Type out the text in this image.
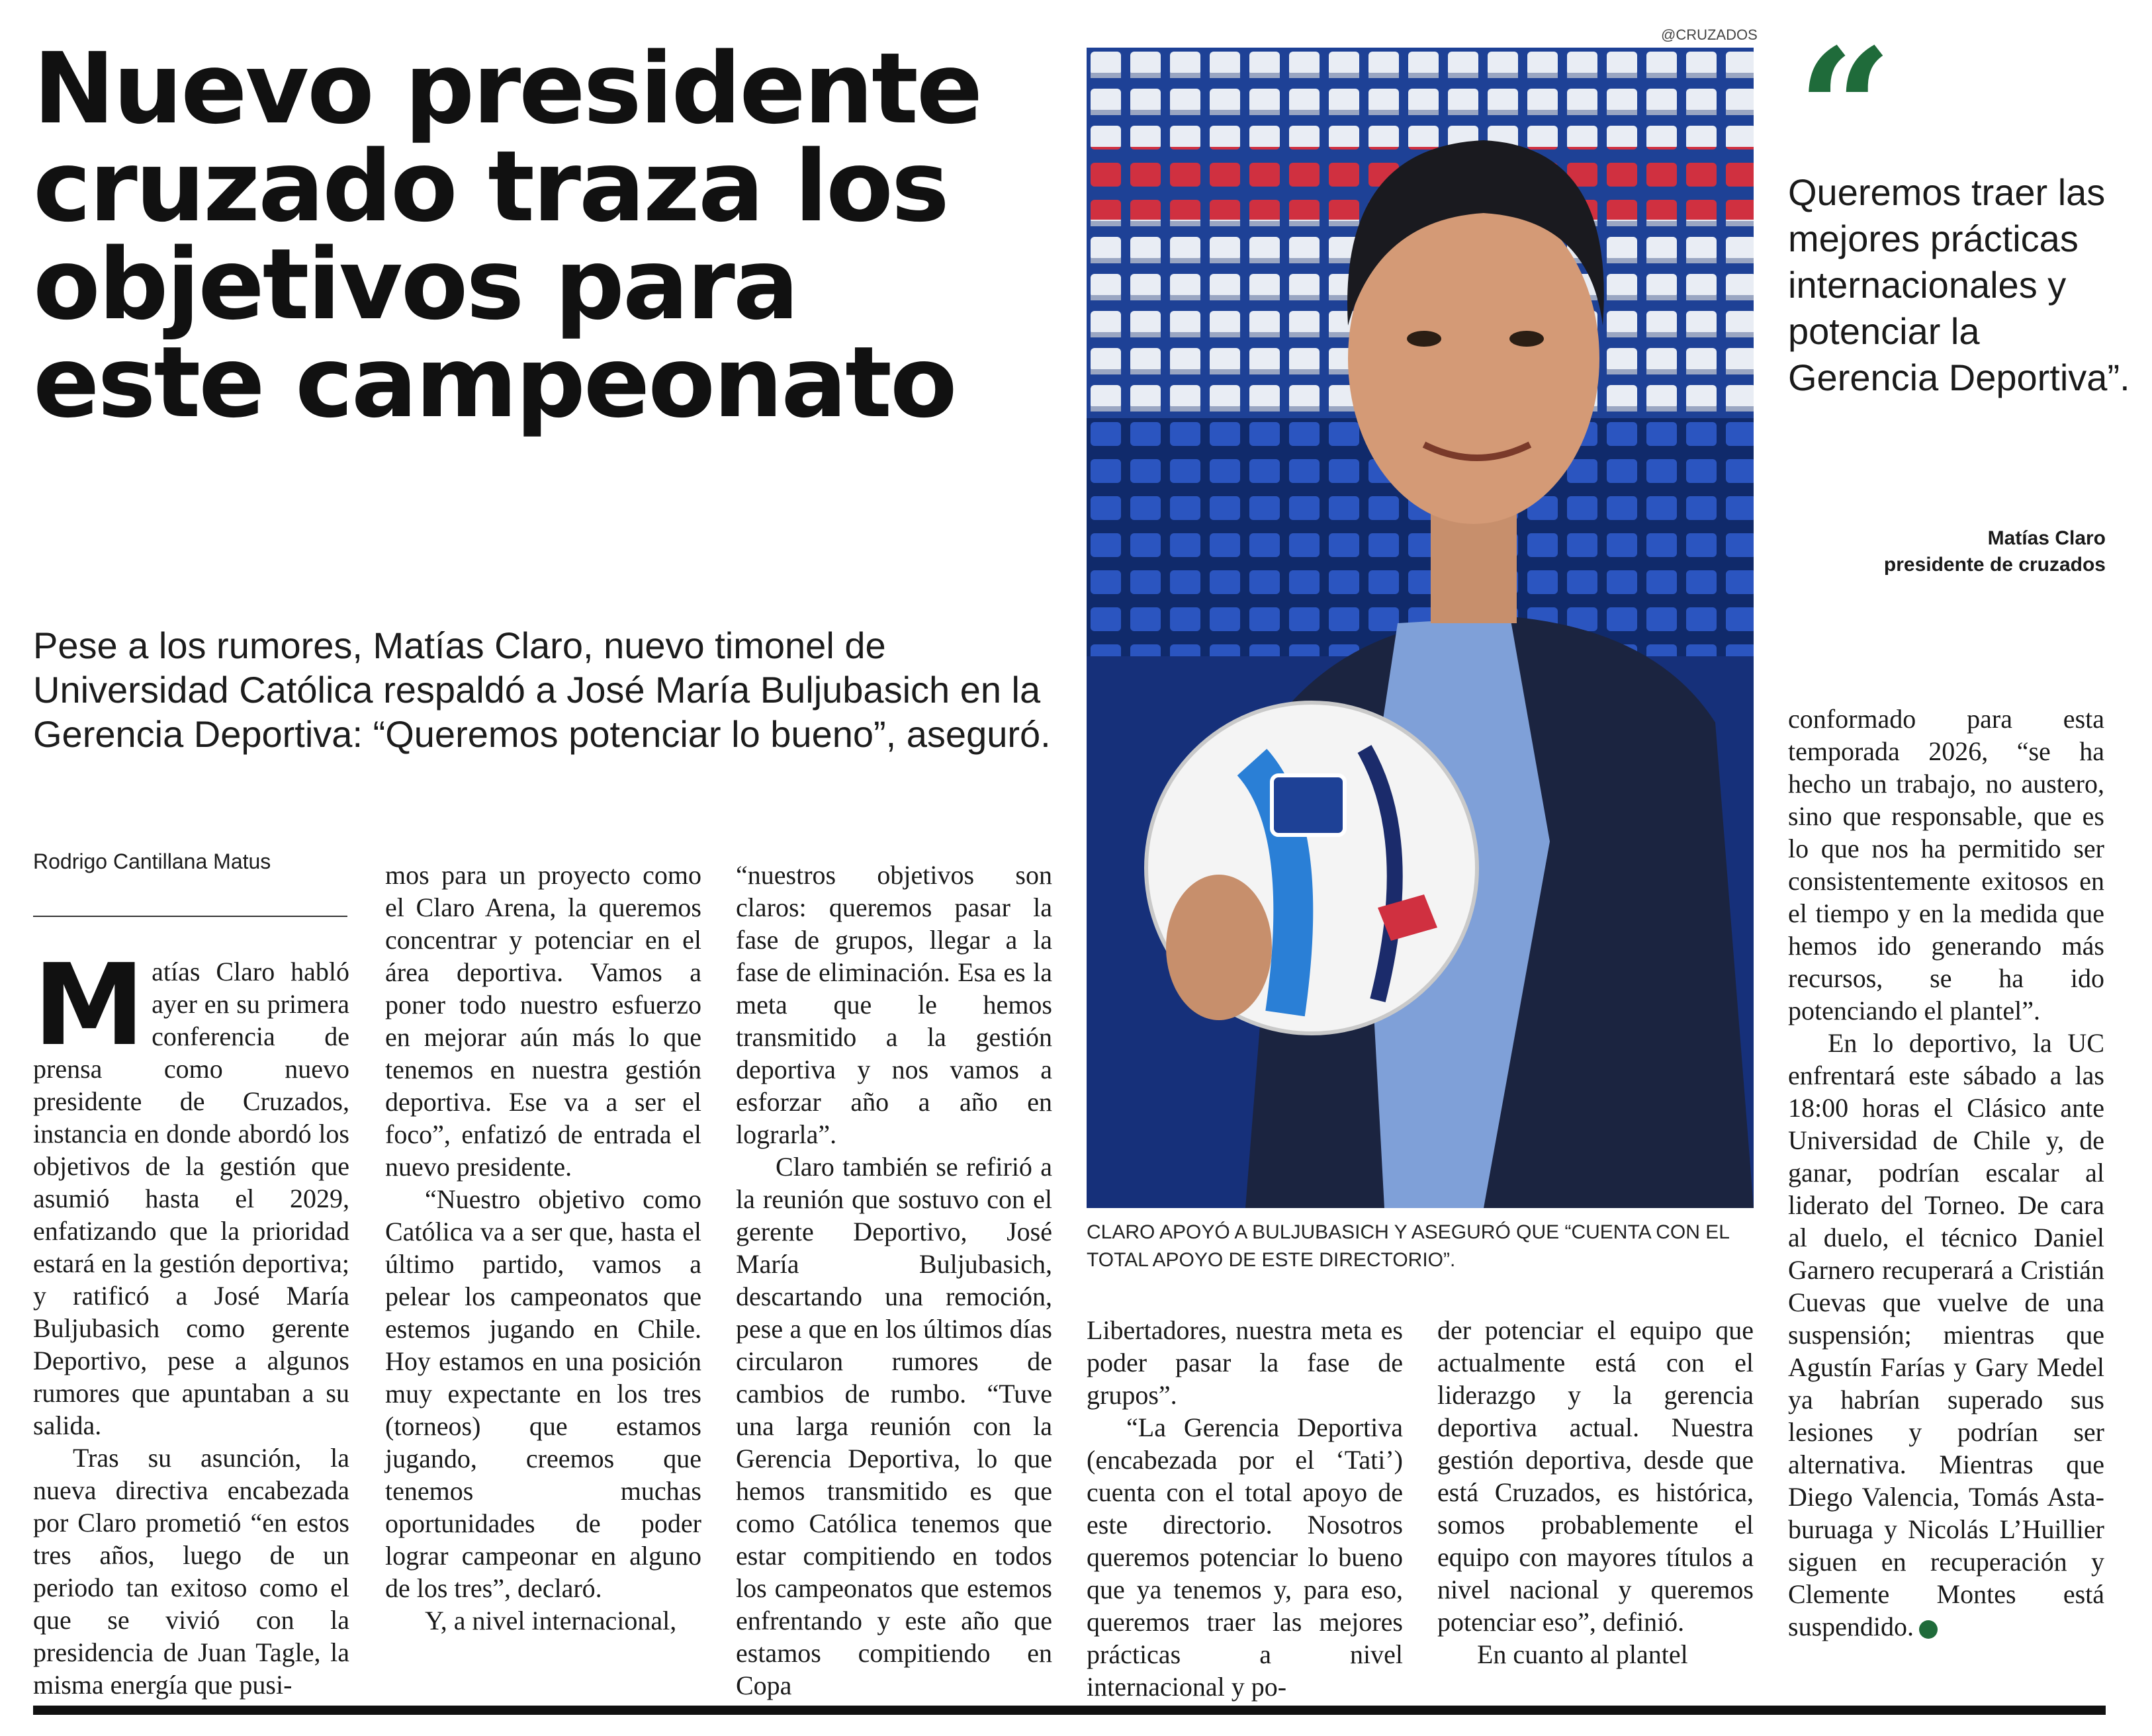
Nuevo presidente
cruzado traza los
objetivos para
este campeonato
Pese a los rumores, Matías Claro, nuevo timonel de Universidad Católica respaldó a José María Buljubasich en la Gerencia Deportiva: “Queremos potenciar lo bueno”, aseguró.
Rodrigo Cantillana Matus
M atías Claro habló ayer en su primera conferencia de prensa como nuevo presidente de Cruzados, instancia en donde abordó los objetivos de la gestión que asumió hasta el 2029, enfatizando que la prioridad estará en la gestión deportiva; y ratificó a José María Buljubasich como gerente Deportivo, pese a algunos rumores que apuntaban a su salida.

Tras su asunción, la nueva directiva encabezada por Claro prometió “en estos tres años, luego de un periodo tan exitoso como el que se vivió con la presidencia de Juan Tagle, la misma energía que pusi-

mos para un proyecto como el Claro Arena, la queremos concentrar y potenciar en el área deportiva. Vamos a poner todo nuestro esfuerzo en mejorar aún más lo que tenemos en nuestra gestión deportiva. Ese va a ser el foco”, enfatizó de entrada el nuevo presidente.

“Nuestro objetivo como Católica va a ser que, hasta el último partido, vamos a pelear los campeonatos que estemos jugando en Chile. Hoy estamos en una posición muy expectante en los tres (torneos) que estamos jugando, creemos que tenemos muchas oportunidades de poder lograr campeonar en alguno de los tres”, declaró.

Y, a nivel internacional,

“nuestros objetivos son claros: queremos pasar la fase de grupos, llegar a la fase de eliminación. Esa es la meta que le hemos transmitido a la gestión deportiva y nos vamos a esforzar año a año en lograrla”.

Claro también se refirió a la reunión que sostuvo con el gerente Deportivo, José María Buljubasich, descartando una remoción, pese a que en los últimos días circularon rumores de cambios de rumbo. “Tuve una larga reunión con la Gerencia Deportiva, lo que hemos transmitido es que como Católica tenemos que estar compitiendo en todos los campeonatos que estemos enfrentando y este año que estamos compitiendo en Copa

Libertadores, nuestra meta es poder pasar la fase de grupos”.

“La Gerencia Deportiva (encabezada por el ‘Tati’) cuenta con el total apoyo de este directorio. Nosotros queremos potenciar lo bueno que ya tenemos y, para eso, queremos traer las mejores prácticas a nivel internacional y po-

der potenciar el equipo que actualmente está con el liderazgo y la gerencia deportiva actual. Nuestra gestión deportiva, desde que está Cruzados, es histórica, somos probablemente el equipo con mayores títulos a nivel nacional y queremos potenciar eso”, definió.

En cuanto al plantel

conformado para esta temporada 2026, “se ha hecho un trabajo, no austero, sino que responsable, que es lo que nos ha permitido ser consistentemente exitosos en el tiempo y en la medida que hemos ido generando más recursos, se ha ido potenciando el plantel”.

En lo deportivo, la UC enfrentará este sábado a las 18:00 horas el Clásico ante Universidad de Chile y, de ganar, podrían escalar al liderato del Torneo. De cara al duelo, el técnico Daniel Garnero recuperará a Cristián Cuevas que vuelve de una suspensión; mientras que Agustín Farías y Gary Medel ya habrían superado sus lesiones y podrían ser alternativa. Mientras que Diego Valencia, Tomás Asta-buruaga y Nicolás L’Huillier siguen en recuperación y Clemente Montes está suspendido.	✪

@CRUZADOS
CLARO APOYÓ A BULJUBASICH Y ASEGURÓ QUE “CUENTA CON EL TOTAL APOYO DE ESTE DIRECTORIO”.
“
Queremos traer las mejores prácticas internacionales y potenciar la Gerencia Deportiva”.
Matías Claro
presidente de cruzados
